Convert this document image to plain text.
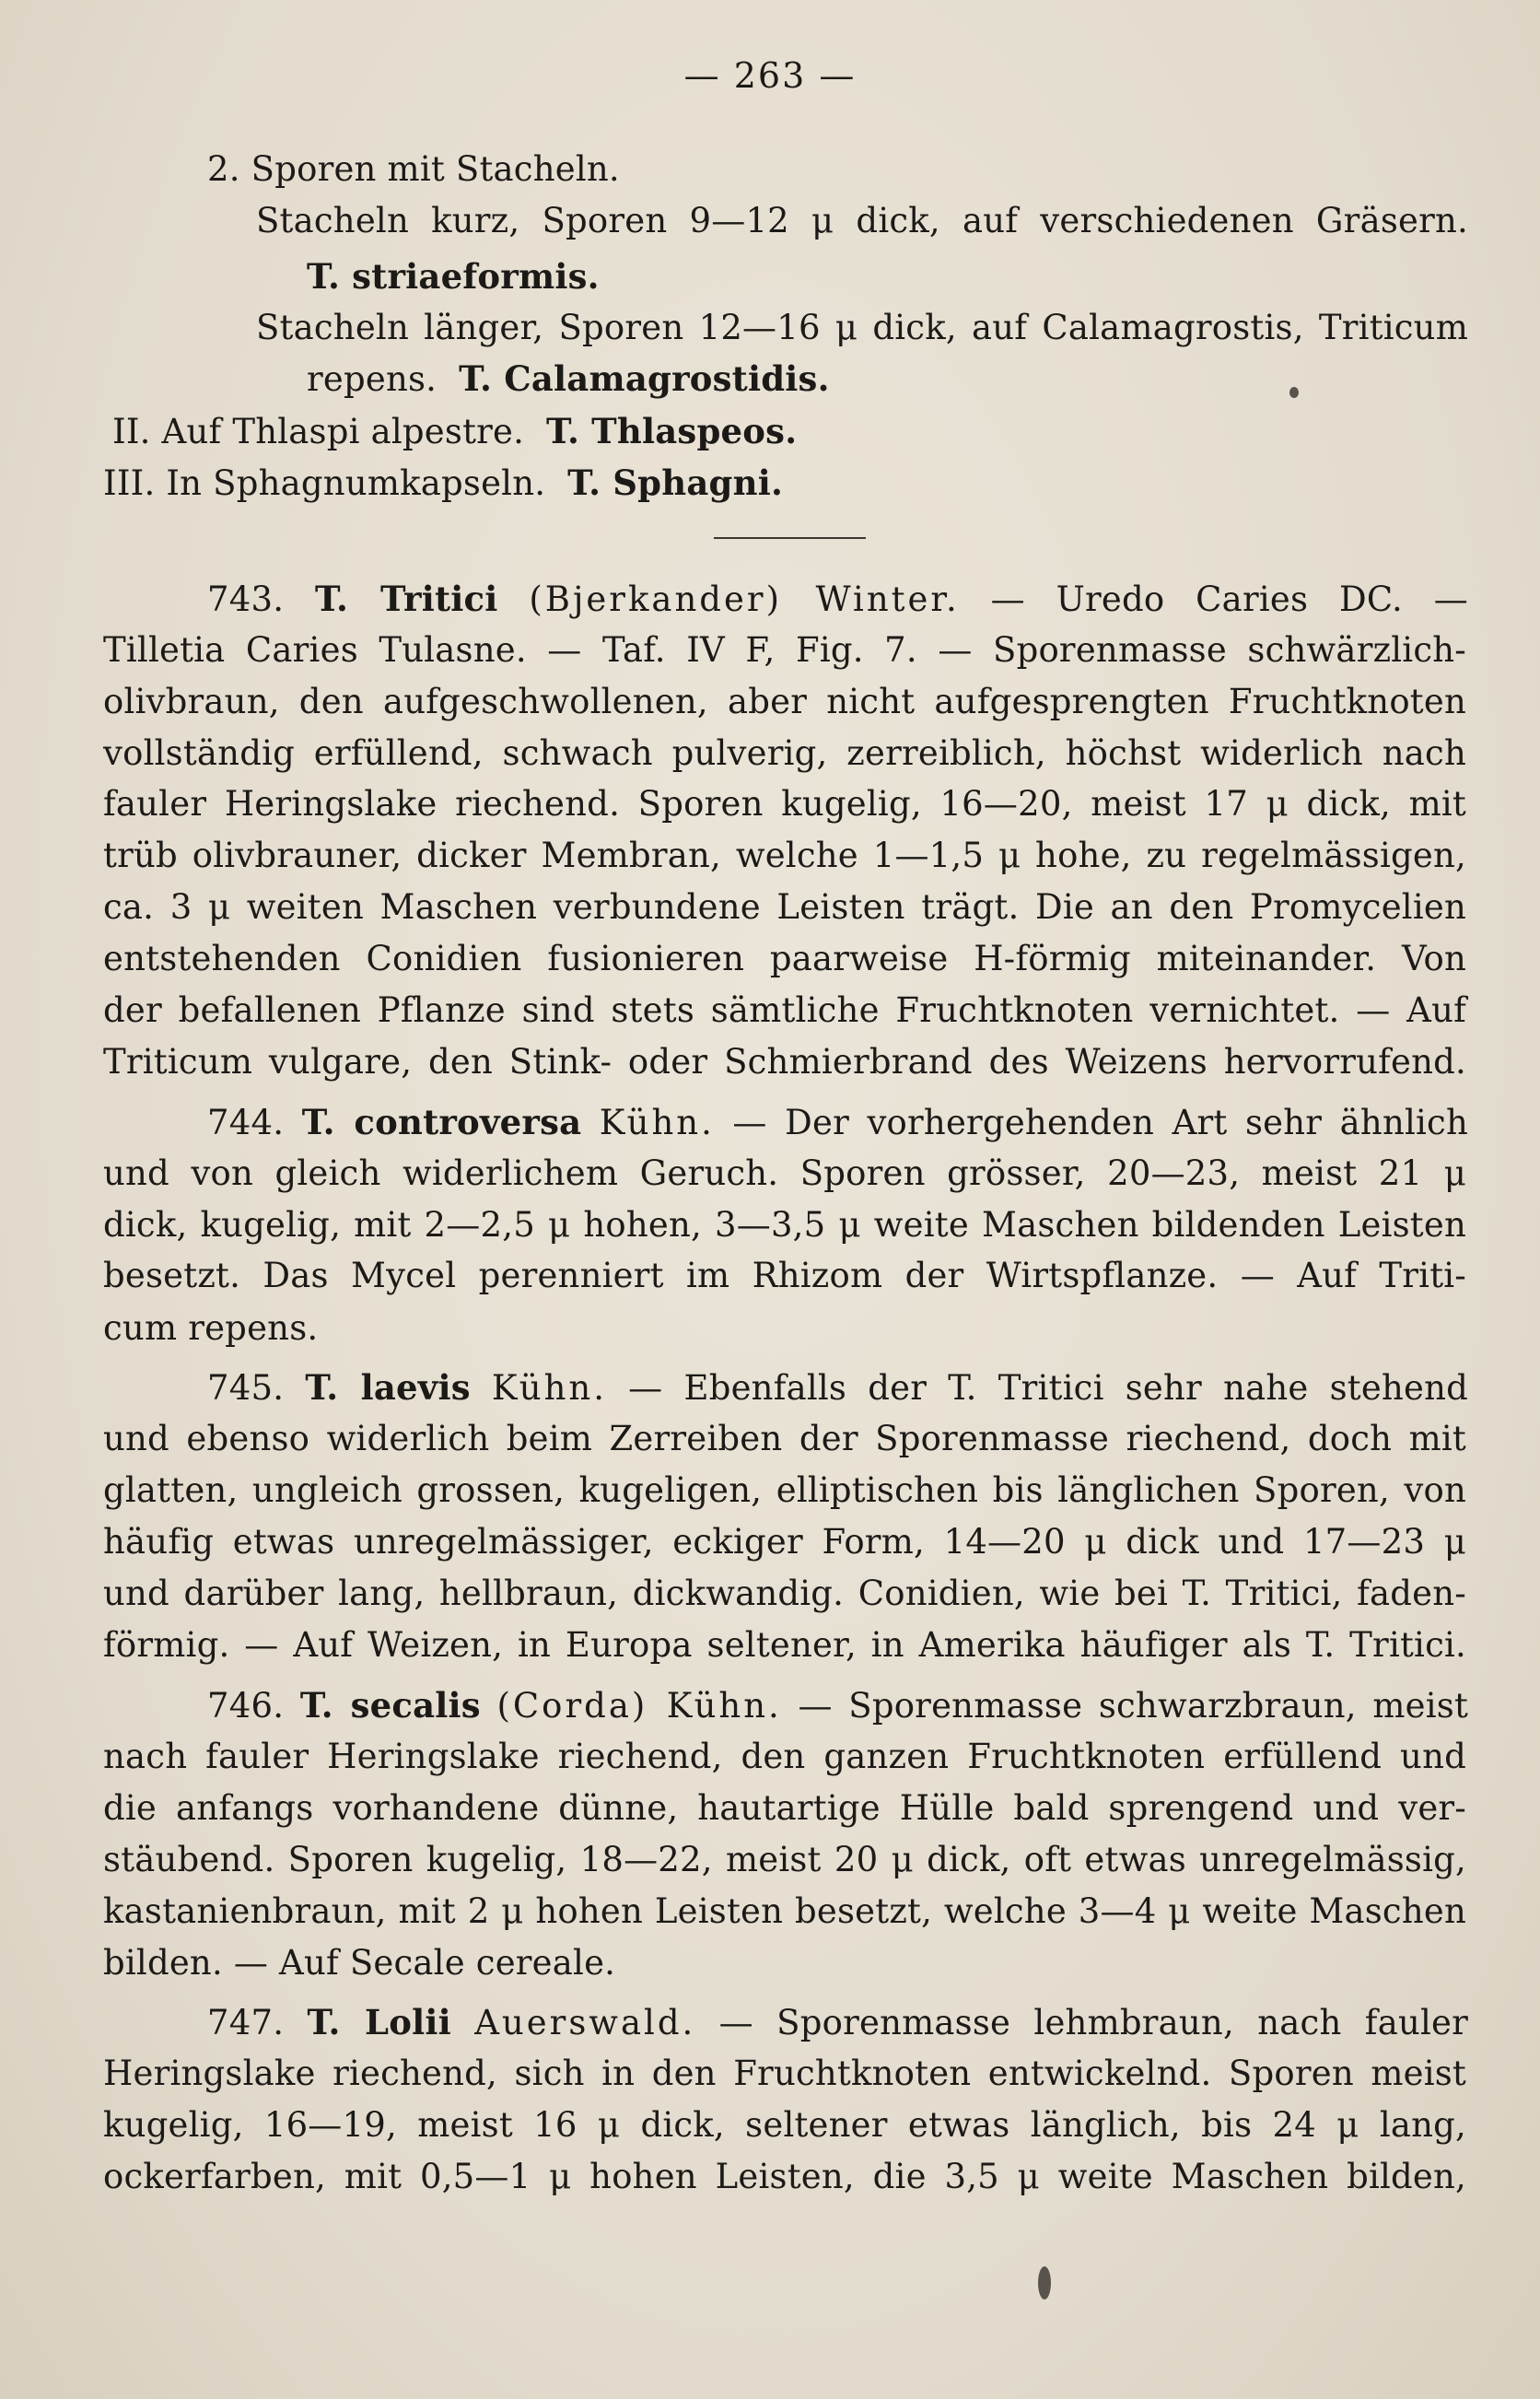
— 263 —
2. Sporen mit Stacheln.
Stacheln kurz, Sporen 9—12 μ dick, auf verschiedenen Gräsern.
T. striaeformis.
Stacheln länger, Sporen 12—16 μ dick, auf Calamagrostis, Triticum
repens. T. Calamagrostidis.
II. Auf Thlaspi alpestre. T. Thlaspeos.
III. In Sphagnumkapseln. T. Sphagni.
743. T. Tritici (Bjerkander) Winter. — Uredo Caries DC. —
Tilletia Caries Tulasne. — Taf. IV F, Fig. 7. — Sporenmasse schwärzlich-
olivbraun, den aufgeschwollenen, aber nicht aufgesprengten Fruchtknoten
vollständig erfüllend, schwach pulverig, zerreiblich, höchst widerlich nach
fauler Heringslake riechend. Sporen kugelig, 16—20, meist 17 μ dick, mit
trüb olivbrauner, dicker Membran, welche 1—1,5 μ hohe, zu regelmässigen,
ca. 3 μ weiten Maschen verbundene Leisten trägt. Die an den Promycelien
entstehenden Conidien fusionieren paarweise H-förmig miteinander. Von
der befallenen Pflanze sind stets sämtliche Fruchtknoten vernichtet. — Auf
Triticum vulgare, den Stink- oder Schmierbrand des Weizens hervorrufend.
744. T. controversa Kühn. — Der vorhergehenden Art sehr ähnlich
und von gleich widerlichem Geruch. Sporen grösser, 20—23, meist 21 μ
dick, kugelig, mit 2—2,5 μ hohen, 3—3,5 μ weite Maschen bildenden Leisten
besetzt. Das Mycel perenniert im Rhizom der Wirtspflanze. — Auf Triti-
cum repens.
745. T. laevis Kühn. — Ebenfalls der T. Tritici sehr nahe stehend
und ebenso widerlich beim Zerreiben der Sporenmasse riechend, doch mit
glatten, ungleich grossen, kugeligen, elliptischen bis länglichen Sporen, von
häufig etwas unregelmässiger, eckiger Form, 14—20 μ dick und 17—23 μ
und darüber lang, hellbraun, dickwandig. Conidien, wie bei T. Tritici, faden-
förmig. — Auf Weizen, in Europa seltener, in Amerika häufiger als T. Tritici.
746. T. secalis (Corda) Kühn. — Sporenmasse schwarzbraun, meist
nach fauler Heringslake riechend, den ganzen Fruchtknoten erfüllend und
die anfangs vorhandene dünne, hautartige Hülle bald sprengend und ver-
stäubend. Sporen kugelig, 18—22, meist 20 μ dick, oft etwas unregelmässig,
kastanienbraun, mit 2 μ hohen Leisten besetzt, welche 3—4 μ weite Maschen
bilden. — Auf Secale cereale.
747. T. Lolii Auerswald. — Sporenmasse lehmbraun, nach fauler
Heringslake riechend, sich in den Fruchtknoten entwickelnd. Sporen meist
kugelig, 16—19, meist 16 μ dick, seltener etwas länglich, bis 24 μ lang,
ockerfarben, mit 0,5—1 μ hohen Leisten, die 3,5 μ weite Maschen bilden,
